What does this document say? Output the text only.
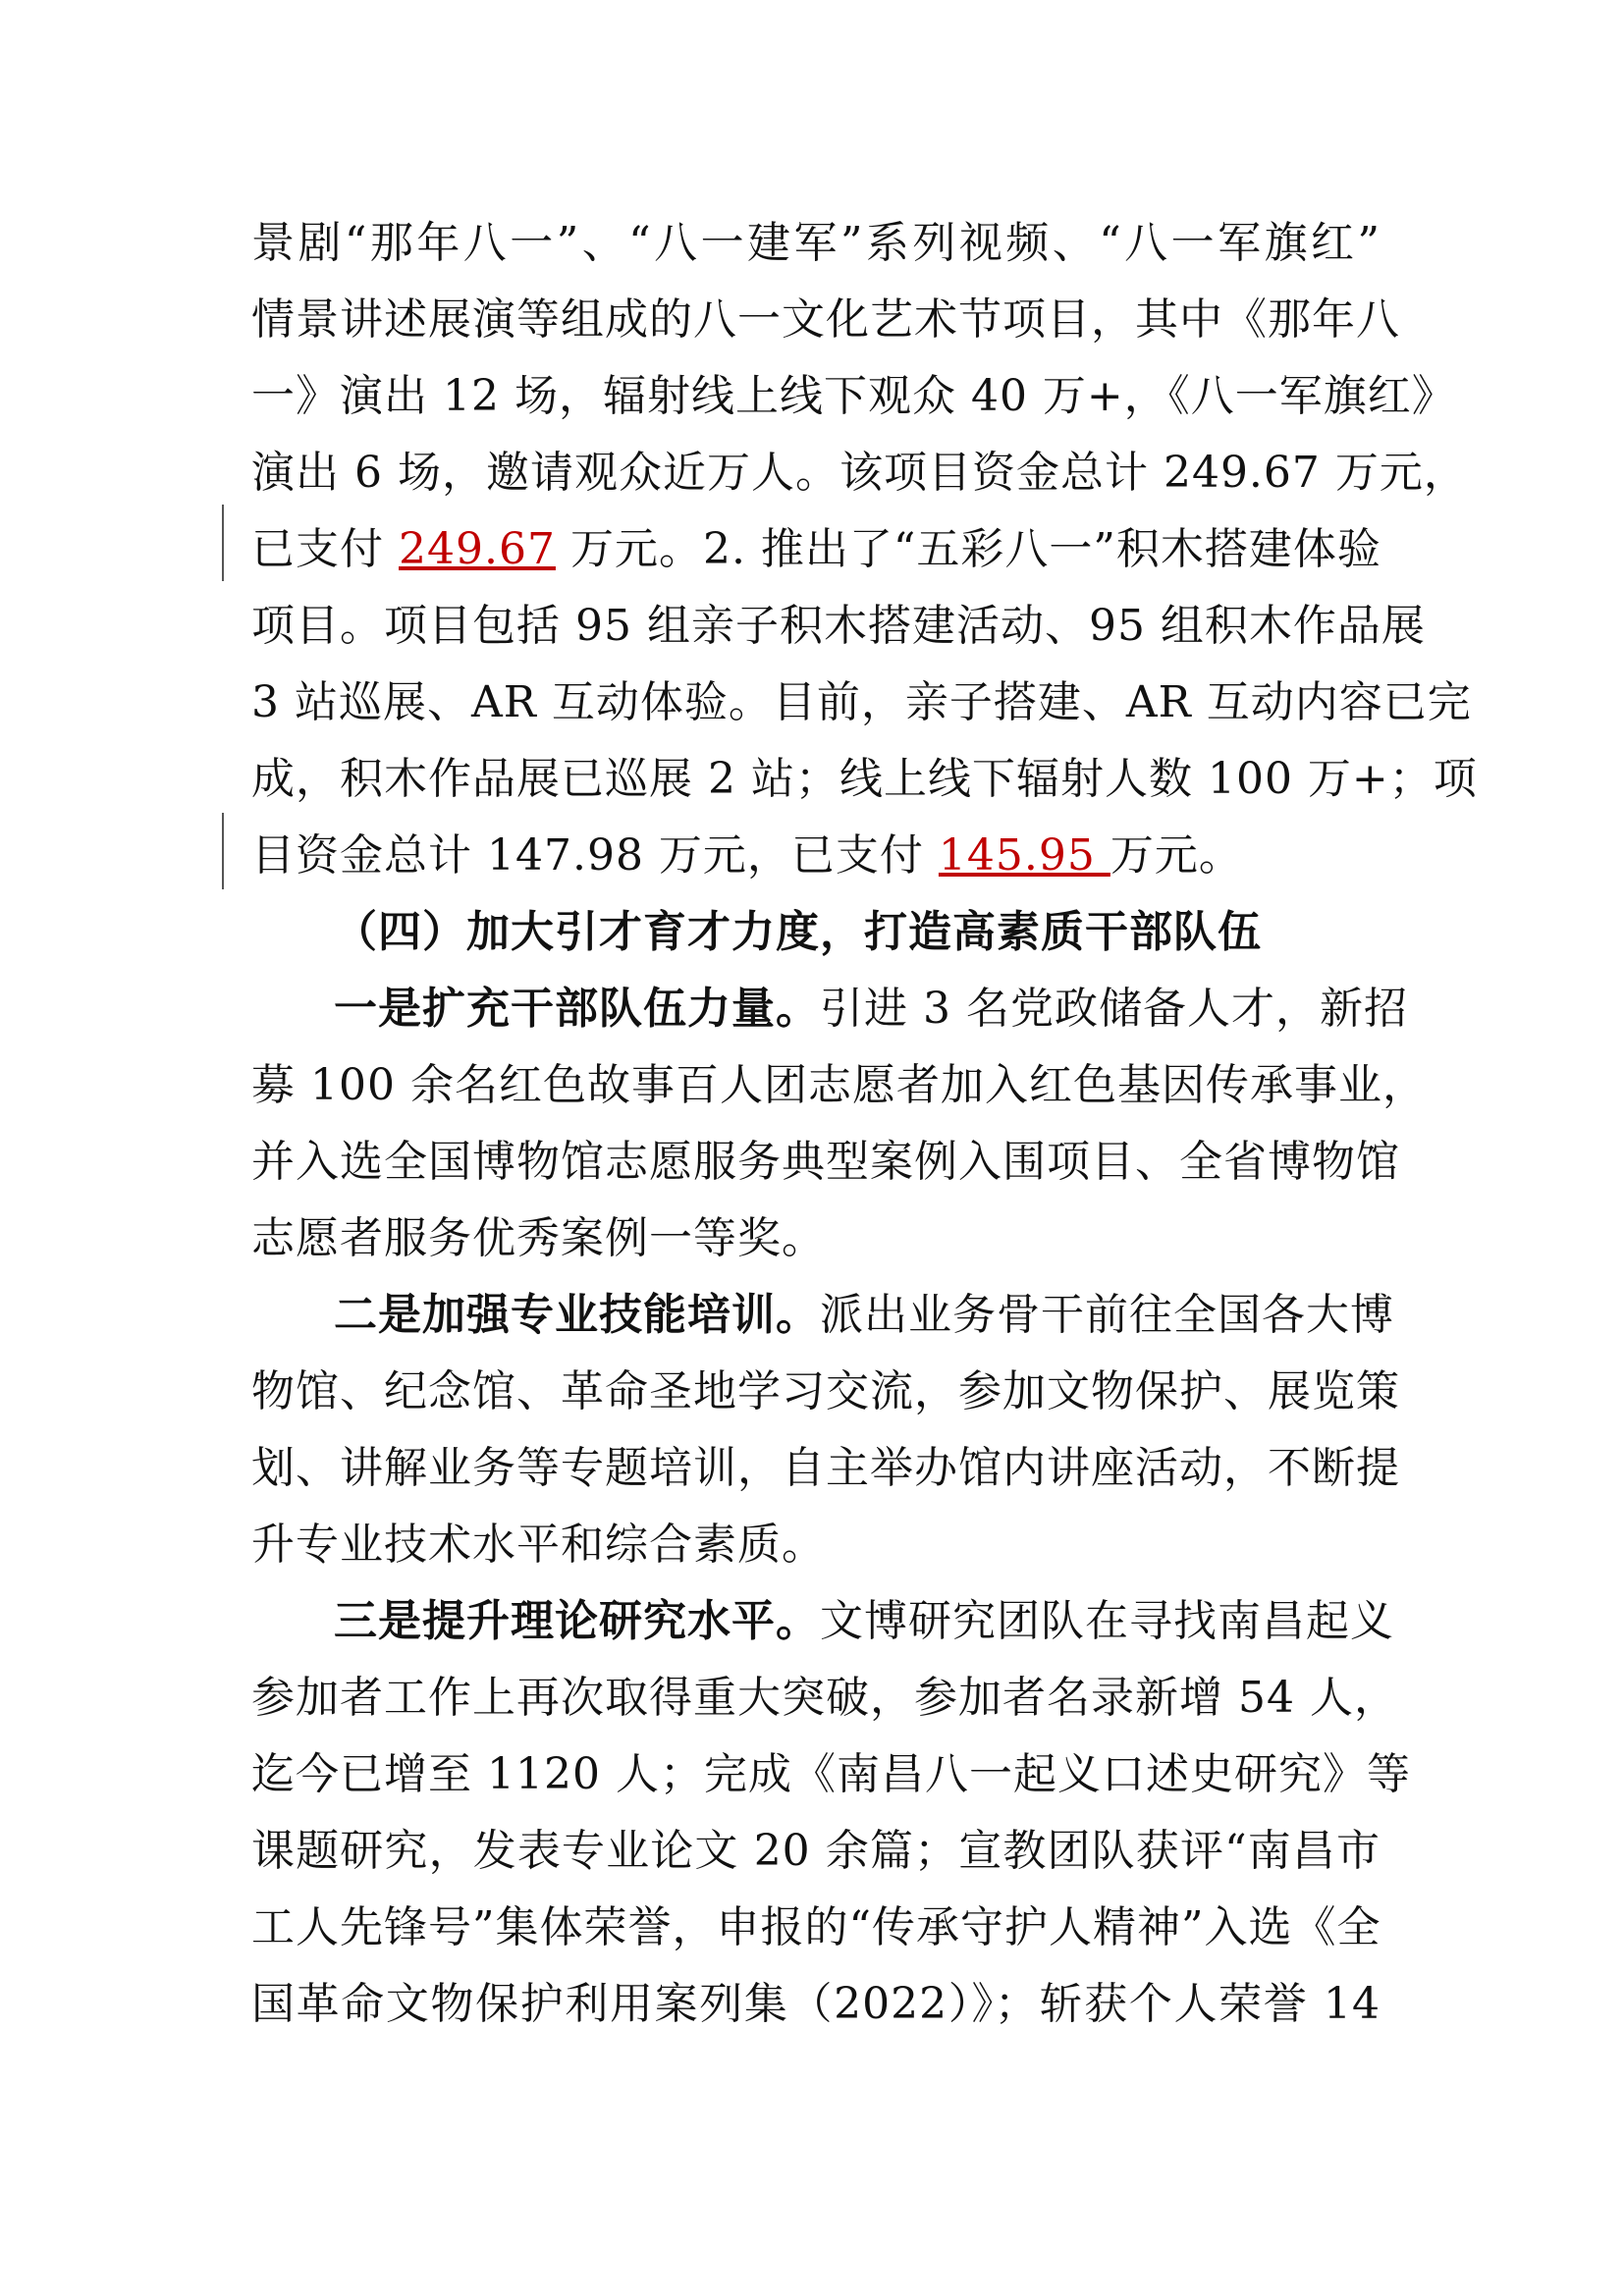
景剧“那年八一”、“八一建军”系列视频、“八一军旗红”
情景讲述展演等组成的八一文化艺术节项目，其中《那年八
一》演出 12 场，辐射线上线下观众 40 万+，《八一军旗红》
演出 6 场，邀请观众近万人。该项目资金总计 249.67 万元，
已支付 249.67 万元。2. 推出了“五彩八一”积木搭建体验
项目。项目包括 95 组亲子积木搭建活动、95 组积木作品展
3 站巡展、AR 互动体验。目前，亲子搭建、AR 互动内容已完
成，积木作品展已巡展 2 站；线上线下辐射人数 100 万+；项
目资金总计 147.98 万元，已支付 145.95 万元。
（四）加大引才育才力度，打造高素质干部队伍
一是扩充干部队伍力量。引进 3 名党政储备人才，新招
募 100 余名红色故事百人团志愿者加入红色基因传承事业，
并入选全国博物馆志愿服务典型案例入围项目、全省博物馆
志愿者服务优秀案例一等奖。
二是加强专业技能培训。派出业务骨干前往全国各大博
物馆、纪念馆、革命圣地学习交流，参加文物保护、展览策
划、讲解业务等专题培训，自主举办馆内讲座活动，不断提
升专业技术水平和综合素质。
三是提升理论研究水平。文博研究团队在寻找南昌起义
参加者工作上再次取得重大突破，参加者名录新增 54 人，
迄今已增至 1120 人；完成《南昌八一起义口述史研究》等
课题研究，发表专业论文 20 余篇；宣教团队获评“南昌市
工人先锋号”集体荣誉，申报的“传承守护人精神”入选《全
国革命文物保护利用案列集（2022）》；斩获个人荣誉 14
